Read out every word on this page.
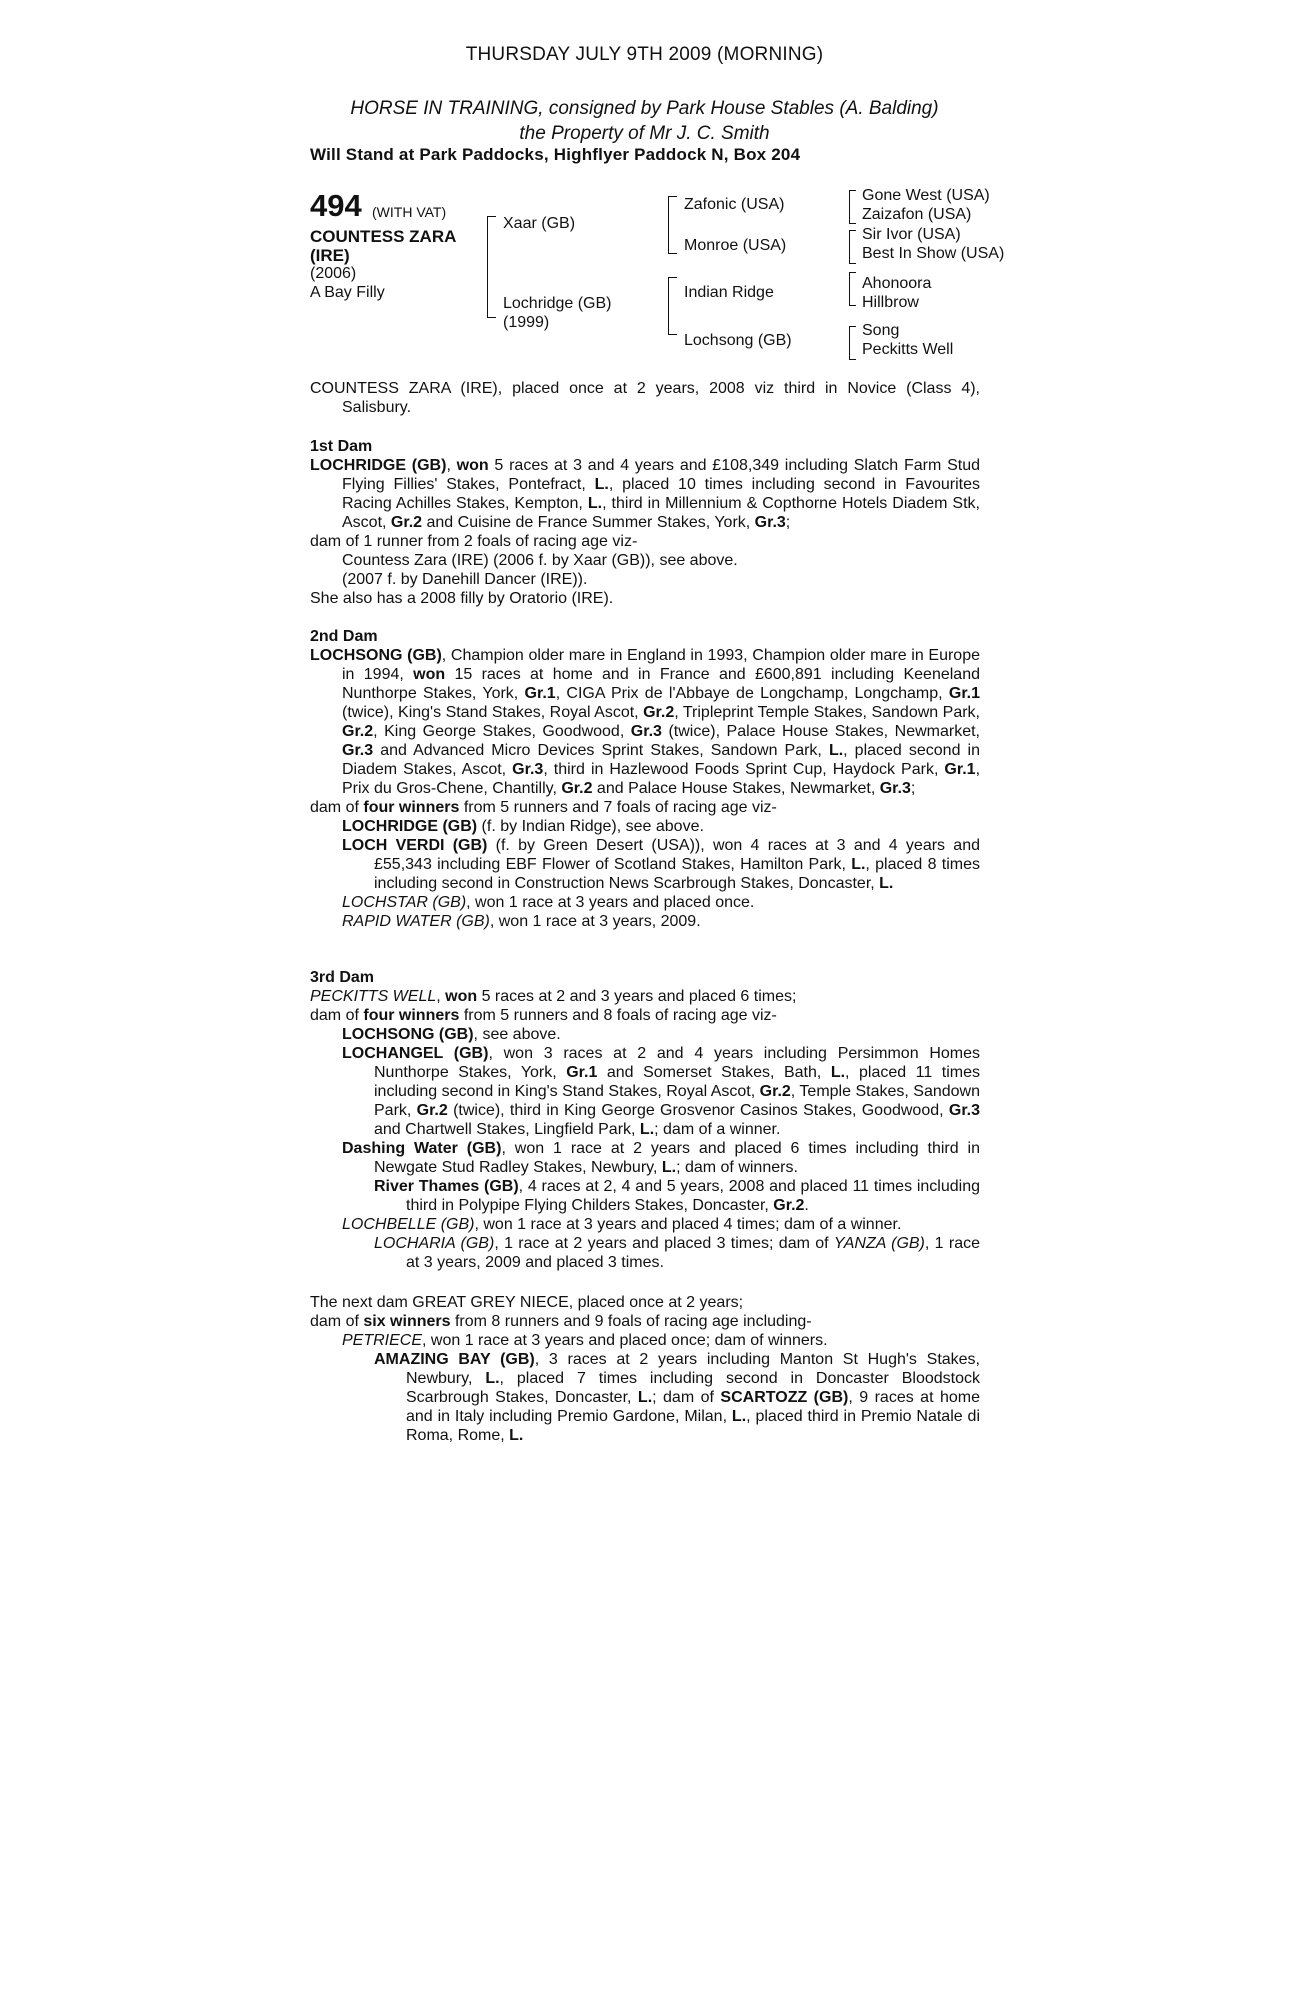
THURSDAY JULY 9TH 2009 (MORNING)
HORSE IN TRAINING, consigned by Park House Stables (A. Balding)
the Property of Mr J. C. Smith
Will Stand at Park Paddocks, Highflyer Paddock N, Box 204
494 (WITH VAT)
COUNTESS ZARA
(IRE)
(2006)
A Bay Filly
Xaar (GB)
Lochridge (GB)
(1999)
Zafonic (USA)
Monroe (USA)
Indian Ridge
Lochsong (GB)
Gone West (USA)
Zaizafon (USA)
Sir Ivor (USA)
Best In Show (USA)
Ahonoora
Hillbrow
Song
Peckitts Well

COUNTESS ZARA (IRE), placed once at 2 years, 2008 viz third in Novice (Class 4),

Salisbury.

1st Dam

LOCHRIDGE (GB), won 5 races at 3 and 4 years and £108,349 including Slatch Farm Stud Flying Fillies' Stakes, Pontefract, L., placed 10 times including second in Favourites Racing Achilles Stakes, Kempton, L., third in Millennium & Copthorne Hotels Diadem Stk, Ascot, Gr.2 and Cuisine de France Summer Stakes, York, Gr.3;

dam of 1 runner from 2 foals of racing age viz-

Countess Zara (IRE) (2006 f. by Xaar (GB)), see above.

(2007 f. by Danehill Dancer (IRE)).

She also has a 2008 filly by Oratorio (IRE).

2nd Dam

LOCHSONG (GB), Champion older mare in England in 1993, Champion older mare in Europe in 1994, won 15 races at home and in France and £600,891 including Keeneland Nunthorpe Stakes, York, Gr.1, CIGA Prix de l'Abbaye de Longchamp, Longchamp, Gr.1 (twice), King's Stand Stakes, Royal Ascot, Gr.2, Tripleprint Temple Stakes, Sandown Park, Gr.2, King George Stakes, Goodwood, Gr.3 (twice), Palace House Stakes, Newmarket, Gr.3 and Advanced Micro Devices Sprint Stakes, Sandown Park, L., placed second in Diadem Stakes, Ascot, Gr.3, third in Hazlewood Foods Sprint Cup, Haydock Park, Gr.1, Prix du Gros-Chene, Chantilly, Gr.2 and Palace House Stakes, Newmarket, Gr.3;

dam of four winners from 5 runners and 7 foals of racing age viz-

LOCHRIDGE (GB) (f. by Indian Ridge), see above.

LOCH VERDI (GB) (f. by Green Desert (USA)), won 4 races at 3 and 4 years and £55,343 including EBF Flower of Scotland Stakes, Hamilton Park, L., placed 8 times including second in Construction News Scarbrough Stakes, Doncaster, L.

LOCHSTAR (GB), won 1 race at 3 years and placed once.

RAPID WATER (GB), won 1 race at 3 years, 2009.

3rd Dam

PECKITTS WELL, won 5 races at 2 and 3 years and placed 6 times;

dam of four winners from 5 runners and 8 foals of racing age viz-

LOCHSONG (GB), see above.

LOCHANGEL (GB), won 3 races at 2 and 4 years including Persimmon Homes Nunthorpe Stakes, York, Gr.1 and Somerset Stakes, Bath, L., placed 11 times including second in King's Stand Stakes, Royal Ascot, Gr.2, Temple Stakes, Sandown Park, Gr.2 (twice), third in King George Grosvenor Casinos Stakes, Goodwood, Gr.3 and Chartwell Stakes, Lingfield Park, L.; dam of a winner.

Dashing Water (GB), won 1 race at 2 years and placed 6 times including third in Newgate Stud Radley Stakes, Newbury, L.; dam of winners.

River Thames (GB), 4 races at 2, 4 and 5 years, 2008 and placed 11 times including third in Polypipe Flying Childers Stakes, Doncaster, Gr.2.

LOCHBELLE (GB), won 1 race at 3 years and placed 4 times; dam of a winner.

LOCHARIA (GB), 1 race at 2 years and placed 3 times; dam of YANZA (GB), 1 race at 3 years, 2009 and placed 3 times.

The next dam GREAT GREY NIECE, placed once at 2 years;

dam of six winners from 8 runners and 9 foals of racing age including-

PETRIECE, won 1 race at 3 years and placed once; dam of winners.

AMAZING BAY (GB), 3 races at 2 years including Manton St Hugh's Stakes, Newbury, L., placed 7 times including second in Doncaster Bloodstock Scarbrough Stakes, Doncaster, L.; dam of SCARTOZZ (GB), 9 races at home and in Italy including Premio Gardone, Milan, L., placed third in Premio Natale di Roma, Rome, L.
